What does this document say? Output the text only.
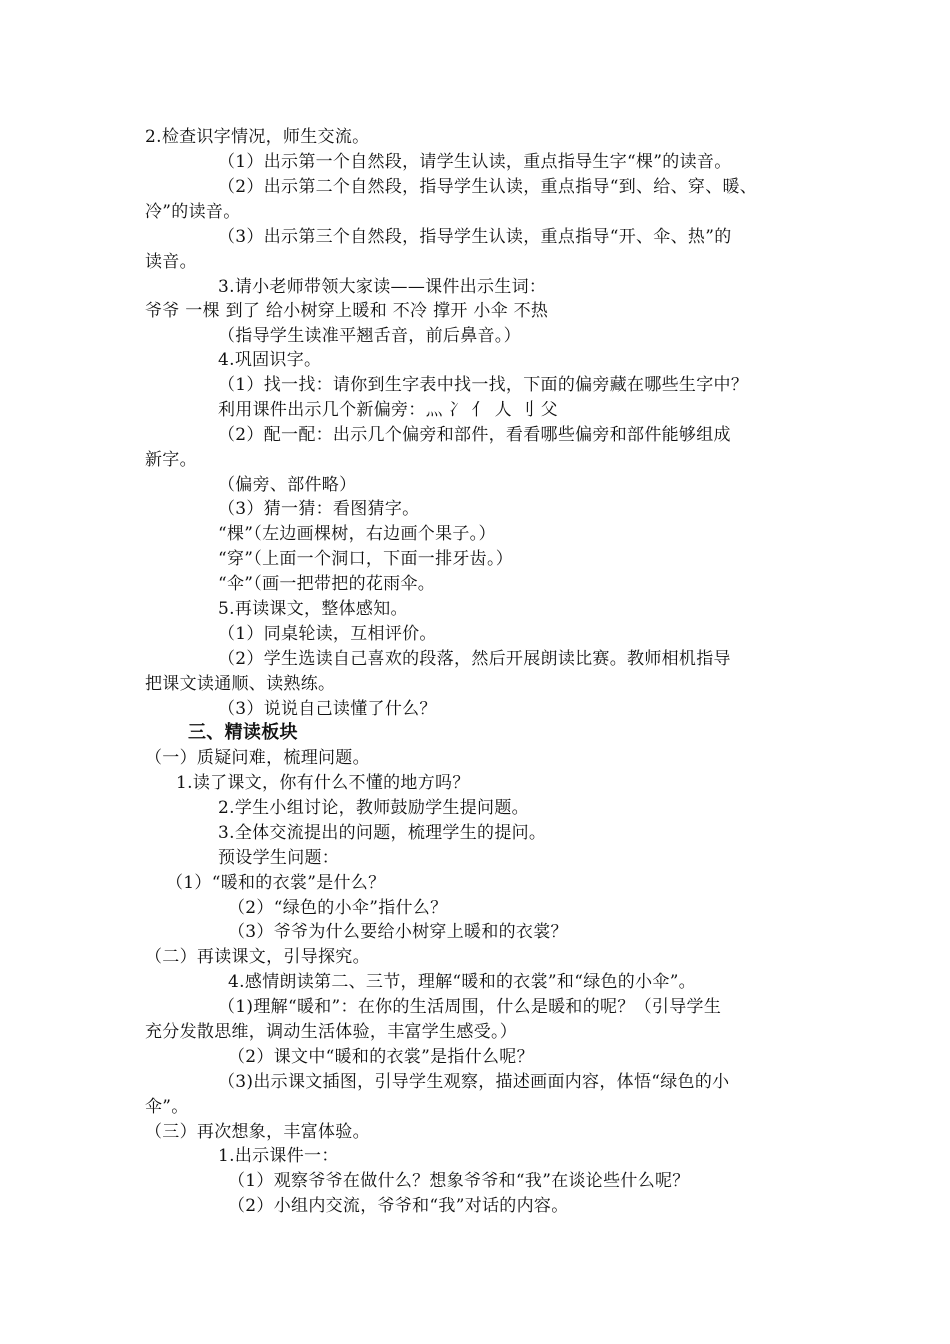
2.检查识字情况，师生交流。
（1）出示第一个自然段，请学生认读，重点指导生字“棵”的读音。
（2）出示第二个自然段，指导学生认读，重点指导“到、给、穿、暖、
冷”的读音。
（3）出示第三个自然段，指导学生认读，重点指导“开、伞、热”的
读音。
3.请小老师带领大家读——课件出示生词：
爷爷 一棵 到了 给小树穿上暖和 不冷 撑开 小伞 不热
（指导学生读准平翘舌音，前后鼻音。）
4.巩固识字。
（1）找一找：请你到生字表中找一找，下面的偏旁藏在哪些生字中？
利用课件出示几个新偏旁：灬 冫 亻 人 刂 父
（2）配一配：出示几个偏旁和部件，看看哪些偏旁和部件能够组成
新字。
（偏旁、部件略）
（3）猜一猜：看图猜字。
“棵”（左边画棵树，右边画个果子。）
“穿”（上面一个洞口，下面一排牙齿。）
“伞”（画一把带把的花雨伞。
5.再读课文，整体感知。
（1）同桌轮读，互相评价。
（2）学生选读自己喜欢的段落，然后开展朗读比赛。教师相机指导
把课文读通顺、读熟练。
（3）说说自己读懂了什么？
三、精读板块
（一）质疑问难，梳理问题。
1.读了课文，你有什么不懂的地方吗？
2.学生小组讨论，教师鼓励学生提问题。
3.全体交流提出的问题，梳理学生的提问。
预设学生问题：
（1）“暖和的衣裳”是什么？
（2）“绿色的小伞”指什么？
（3）爷爷为什么要给小树穿上暖和的衣裳？
（二）再读课文，引导探究。
4.感情朗读第二、三节，理解“暖和的衣裳”和“绿色的小伞”。
（1)理解“暖和”：在你的生活周围，什么是暖和的呢？（引导学生
充分发散思维，调动生活体验，丰富学生感受。）
（2）课文中“暖和的衣裳”是指什么呢？
（3)出示课文插图，引导学生观察，描述画面内容，体悟“绿色的小
伞”。
（三）再次想象，丰富体验。
1.出示课件一：
（1）观察爷爷在做什么？想象爷爷和“我”在谈论些什么呢？
（2）小组内交流，爷爷和“我”对话的内容。
